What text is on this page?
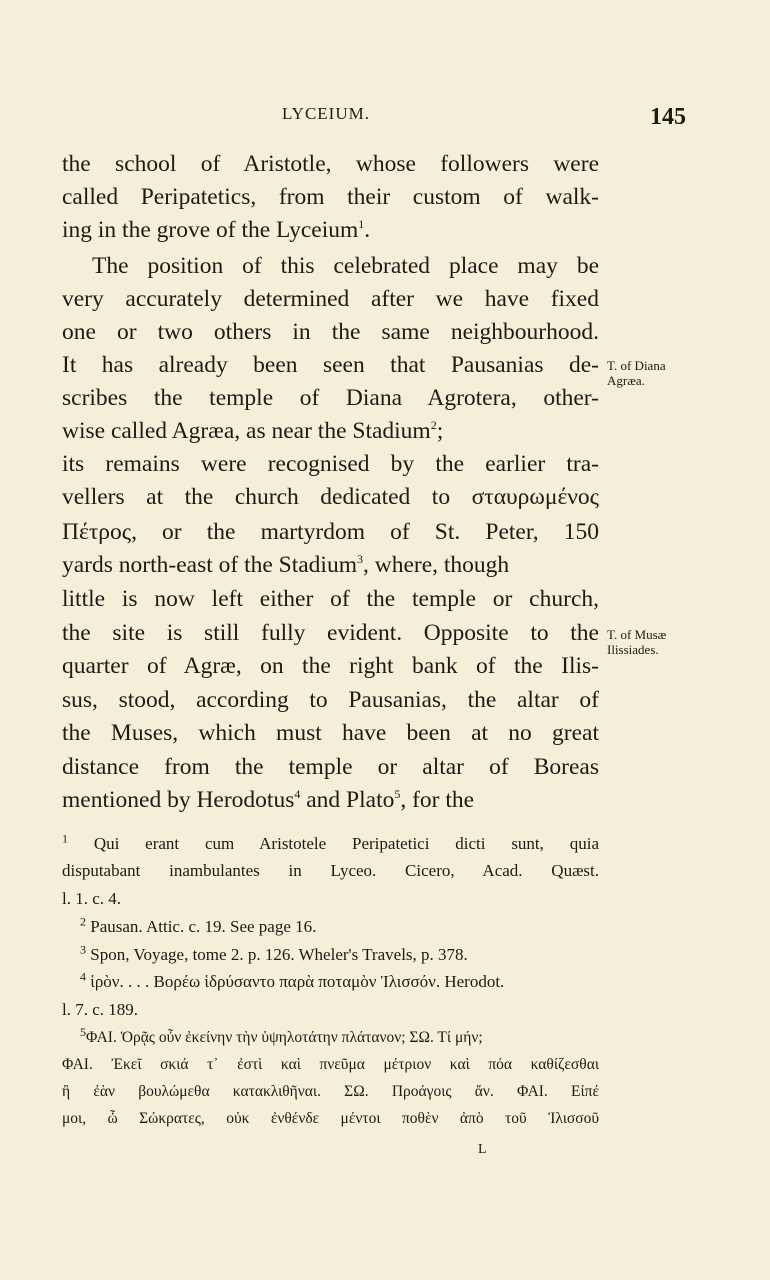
LYCEIUM.	145
the school of Aristotle, whose followers were
called Peripatetics, from their custom of walk-
ing in the grove of the Lyceium$^1$.
The position of this celebrated place may be
very accurately determined after we have fixed
one or two others in the same neighbourhood.
It has already been seen that Pausanias de-
scribes the temple of Diana Agrotera, other-
wise called Agræa, as near the Stadium$^2$;
its remains were recognised by the earlier tra-
vellers at the church dedicated to σταυρωμένος
Πέτρος, or the martyrdom of St. Peter, 150
yards north-east of the Stadium$^3$, where, though
little is now left either of the temple or church,
the site is still fully evident. Opposite to the
quarter of Agræ, on the right bank of the Ilis-
sus, stood, according to Pausanias, the altar of
the Muses, which must have been at no great
distance from the temple or altar of Boreas
mentioned by Herodotus$^4$ and Plato$^5$, for the
T. of Diana
Agræa.
T. of Musæ
Ilissiades.
$^1$ Qui erant cum Aristotele Peripatetici dicti sunt, quia
disputabant inambulantes in Lyceo. Cicero, Acad. Quæst.
l. 1. c. 4.
$^2$ Pausan. Attic. c. 19. See page 16.
$^3$ Spon, Voyage, tome 2. p. 126. Wheler's Travels, p. 378.
$^4$ ἱρὸν. . . . Βορέω ἱδρύσαντο παρὰ ποταμὸν Ἰλισσόν. Herodot.
l. 7. c. 189.
$^5$ΦΑΙ. Ὁρᾷς οὖν ἐκείνην τὴν ὑψηλοτάτην πλάτανον; ΣΩ. Τί μήν;
ΦΑΙ. Ἐκεῖ σκιά τ᾽ ἐστὶ καὶ πνεῦμα μέτριον καὶ πόα καθίζεσθαι
ἢ ἐὰν βουλώμεθα κατακλιθῆναι. ΣΩ. Προάγοις ἄν. ΦΑΙ. Εἰπέ
μοι, ὦ Σώκρατες, οὐκ ἐνθένδε μέντοι ποθὲν ἀπὸ τοῦ Ἰλισσοῦ
L
